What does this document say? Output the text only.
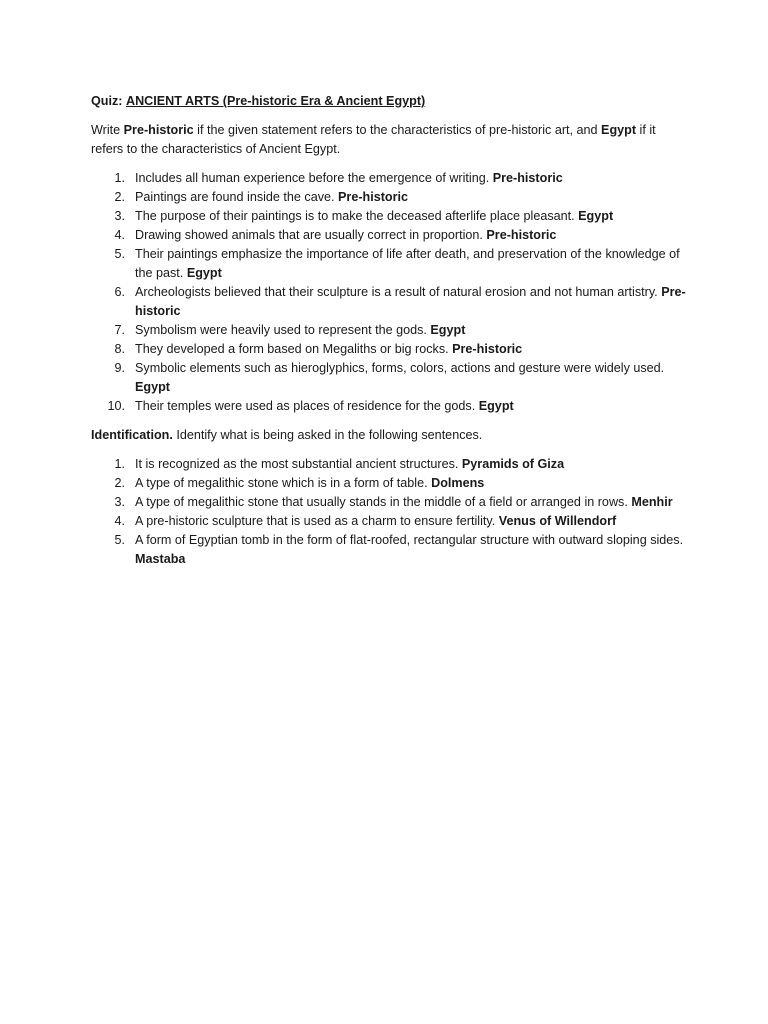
Quiz: ANCIENT ARTS (Pre-historic Era & Ancient Egypt)

Write Pre-historic if the given statement refers to the characteristics of pre-historic art, and Egypt if it refers to the characteristics of Ancient Egypt.

1. Includes all human experience before the emergence of writing. Pre-historic
2. Paintings are found inside the cave. Pre-historic
3. The purpose of their paintings is to make the deceased afterlife place pleasant. Egypt
4. Drawing showed animals that are usually correct in proportion. Pre-historic
5. Their paintings emphasize the importance of life after death, and preservation of the knowledge of the past. Egypt
6. Archeologists believed that their sculpture is a result of natural erosion and not human artistry. Pre-historic
7. Symbolism were heavily used to represent the gods. Egypt
8. They developed a form based on Megaliths or big rocks. Pre-historic
9. Symbolic elements such as hieroglyphics, forms, colors, actions and gesture were widely used. Egypt
10. Their temples were used as places of residence for the gods. Egypt

Identification. Identify what is being asked in the following sentences.

1. It is recognized as the most substantial ancient structures. Pyramids of Giza
2. A type of megalithic stone which is in a form of table. Dolmens
3. A type of megalithic stone that usually stands in the middle of a field or arranged in rows. Menhir
4. A pre-historic sculpture that is used as a charm to ensure fertility. Venus of Willendorf
5. A form of Egyptian tomb in the form of flat-roofed, rectangular structure with outward sloping sides. Mastaba
